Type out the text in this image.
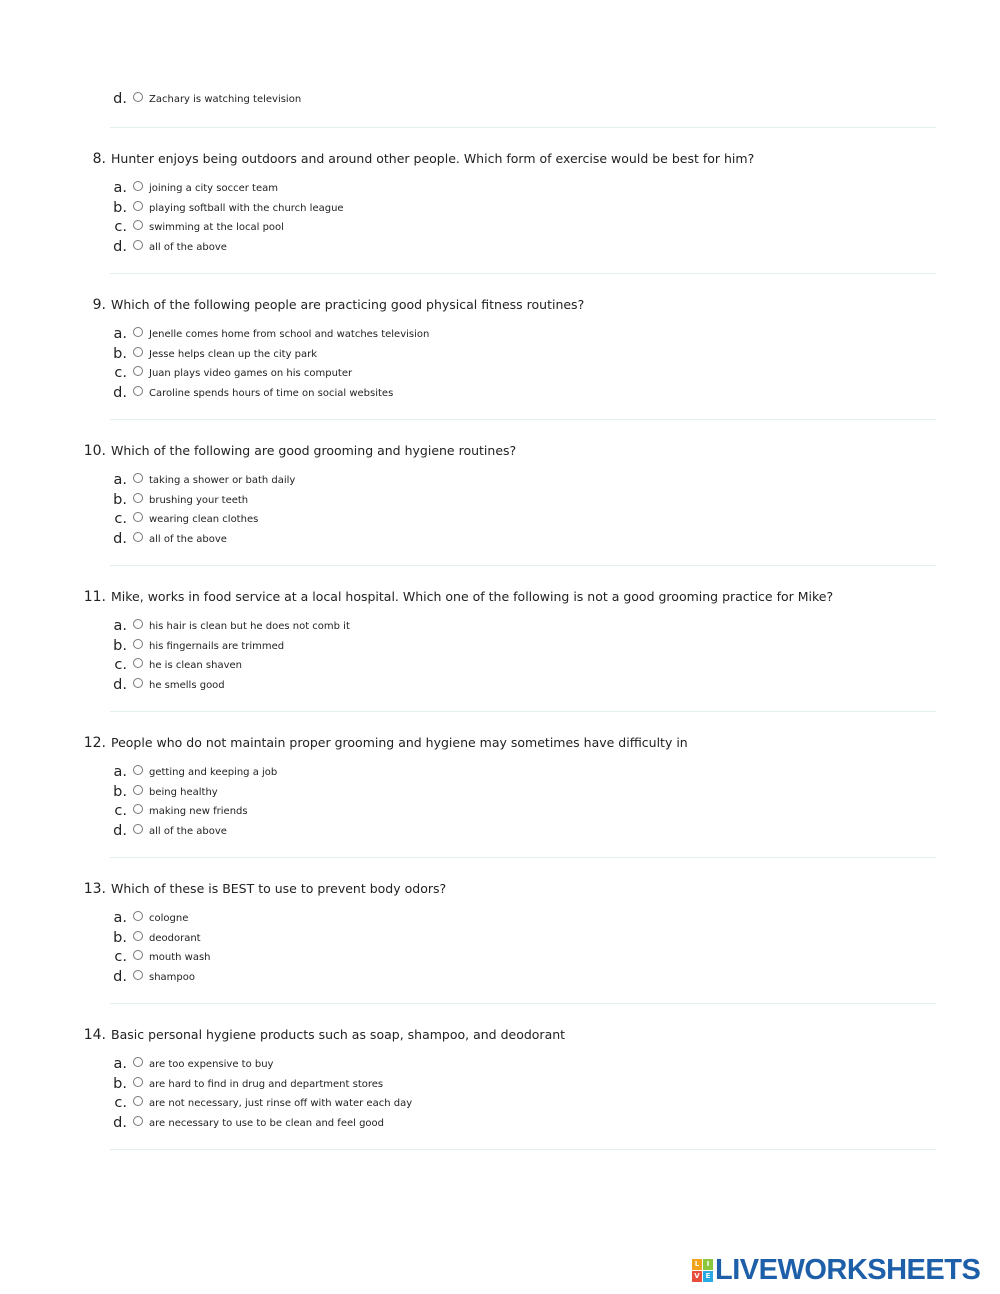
d. Zachary is watching television
8. Hunter enjoys being outdoors and around other people. Which form of exercise would be best for him?
a. joining a city soccer team
b. playing softball with the church league
c. swimming at the local pool
d. all of the above
9. Which of the following people are practicing good physical fitness routines?
a. Jenelle comes home from school and watches television
b. Jesse helps clean up the city park
c. Juan plays video games on his computer
d. Caroline spends hours of time on social websites
10. Which of the following are good grooming and hygiene routines?
a. taking a shower or bath daily
b. brushing your teeth
c. wearing clean clothes
d. all of the above
11. Mike, works in food service at a local hospital. Which one of the following is not a good grooming practice for Mike?
a. his hair is clean but he does not comb it
b. his fingernails are trimmed
c. he is clean shaven
d. he smells good
12. People who do not maintain proper grooming and hygiene may sometimes have difficulty in
a. getting and keeping a job
b. being healthy
c. making new friends
d. all of the above
13. Which of these is BEST to use to prevent body odors?
a. cologne
b. deodorant
c. mouth wash
d. shampoo
14. Basic personal hygiene products such as soap, shampoo, and deodorant
a. are too expensive to buy
b. are hard to find in drug and department stores
c. are not necessary, just rinse off with water each day
d. are necessary to use to be clean and feel good
L	I
V E LIVEWORKSHEETS
